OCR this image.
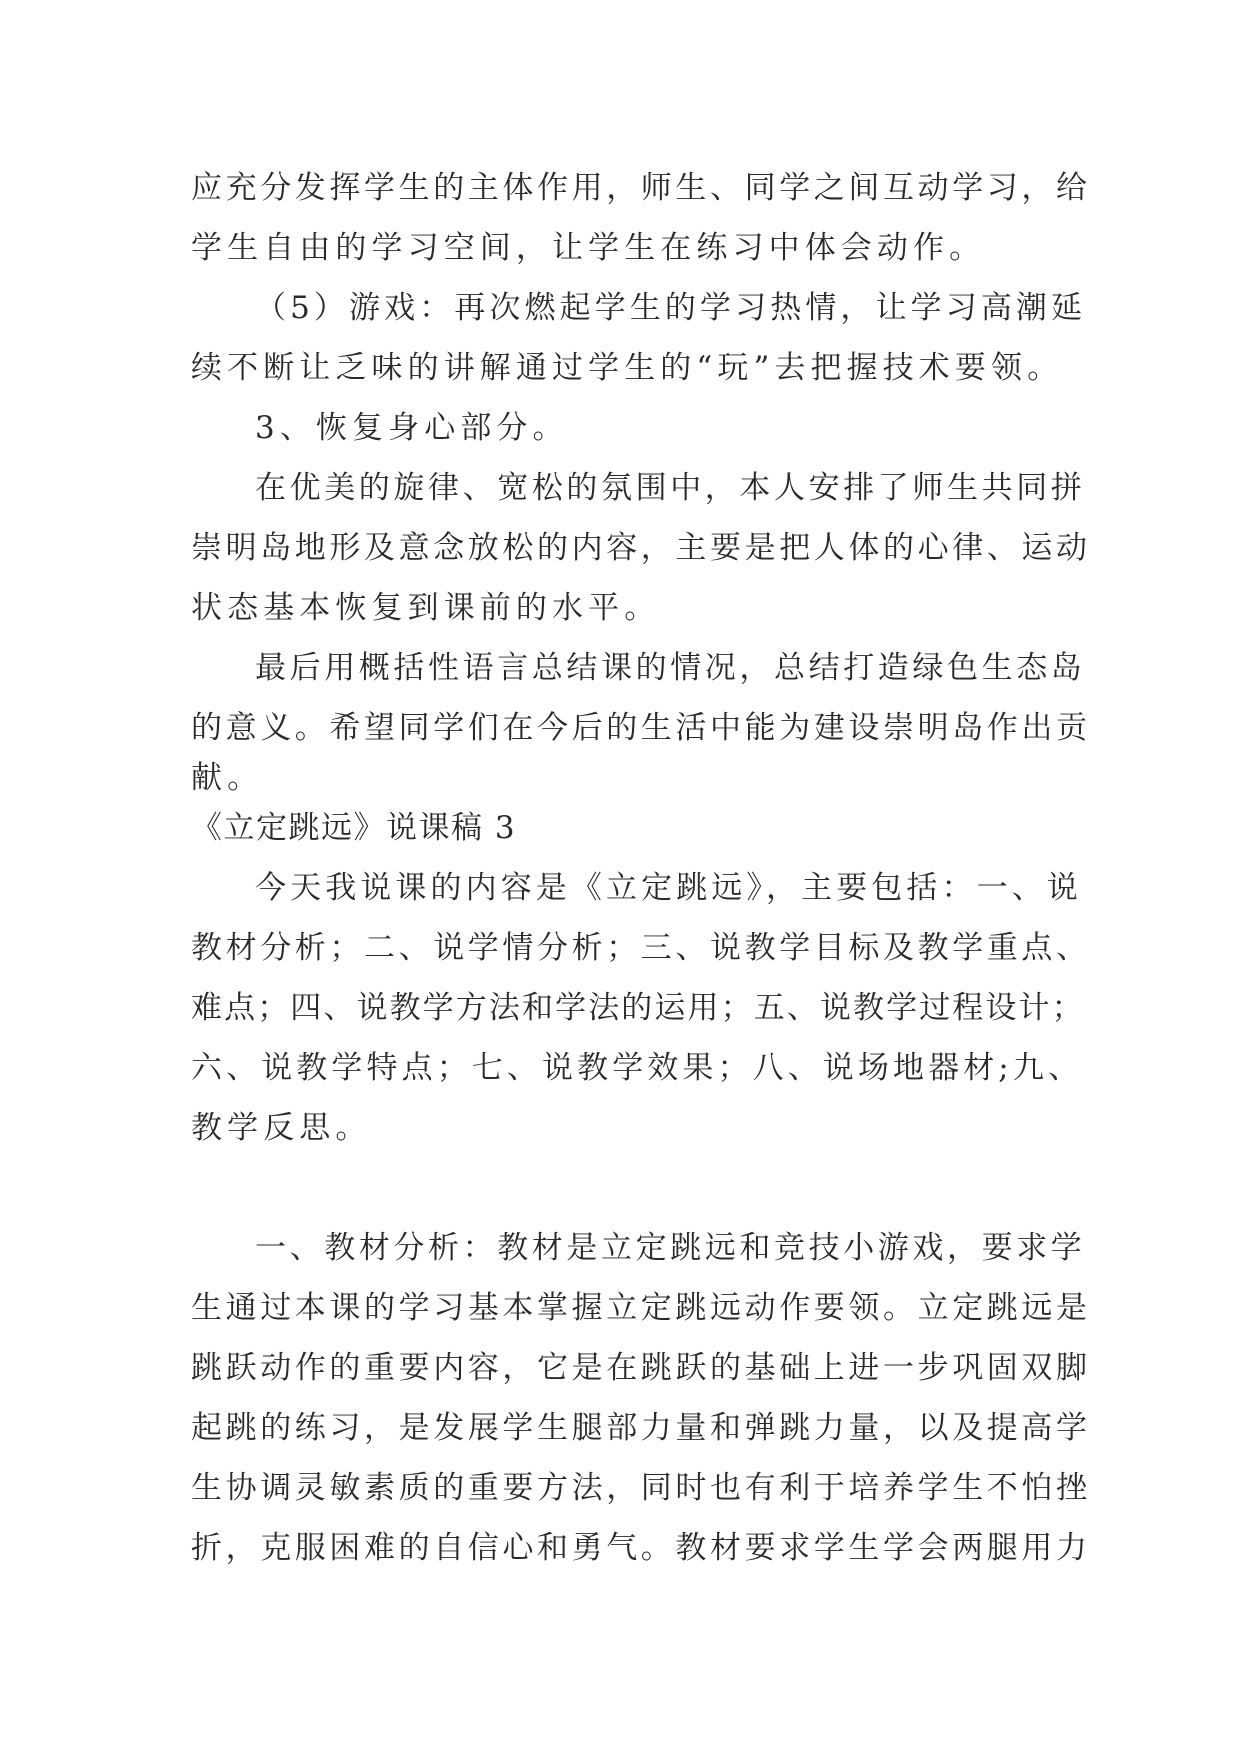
应充分发挥学生的主体作用，师生、同学之间互动学习，给
学生自由的学习空间，让学生在练习中体会动作。
（5）游戏：再次燃起学生的学习热情，让学习高潮延
续不断让乏味的讲解通过学生的“玩”去把握技术要领。
3、恢复身心部分。
在优美的旋律、宽松的氛围中，本人安排了师生共同拼
崇明岛地形及意念放松的内容，主要是把人体的心律、运动
状态基本恢复到课前的水平。
最后用概括性语言总结课的情况，总结打造绿色生态岛
的意义。希望同学们在今后的生活中能为建设崇明岛作出贡
献。
《立定跳远》说课稿 3
今天我说课的内容是《立定跳远》，主要包括：一、说
教材分析；二、说学情分析；三、说教学目标及教学重点、
难点；四、说教学方法和学法的运用；五、说教学过程设计；
六、说教学特点；七、说教学效果；八、说场地器材;九、
教学反思。
一、教材分析：教材是立定跳远和竞技小游戏，要求学
生通过本课的学习基本掌握立定跳远动作要领。立定跳远是
跳跃动作的重要内容，它是在跳跃的基础上进一步巩固双脚
起跳的练习，是发展学生腿部力量和弹跳力量，以及提高学
生协调灵敏素质的重要方法，同时也有利于培养学生不怕挫
折，克服困难的自信心和勇气。教材要求学生学会两腿用力
